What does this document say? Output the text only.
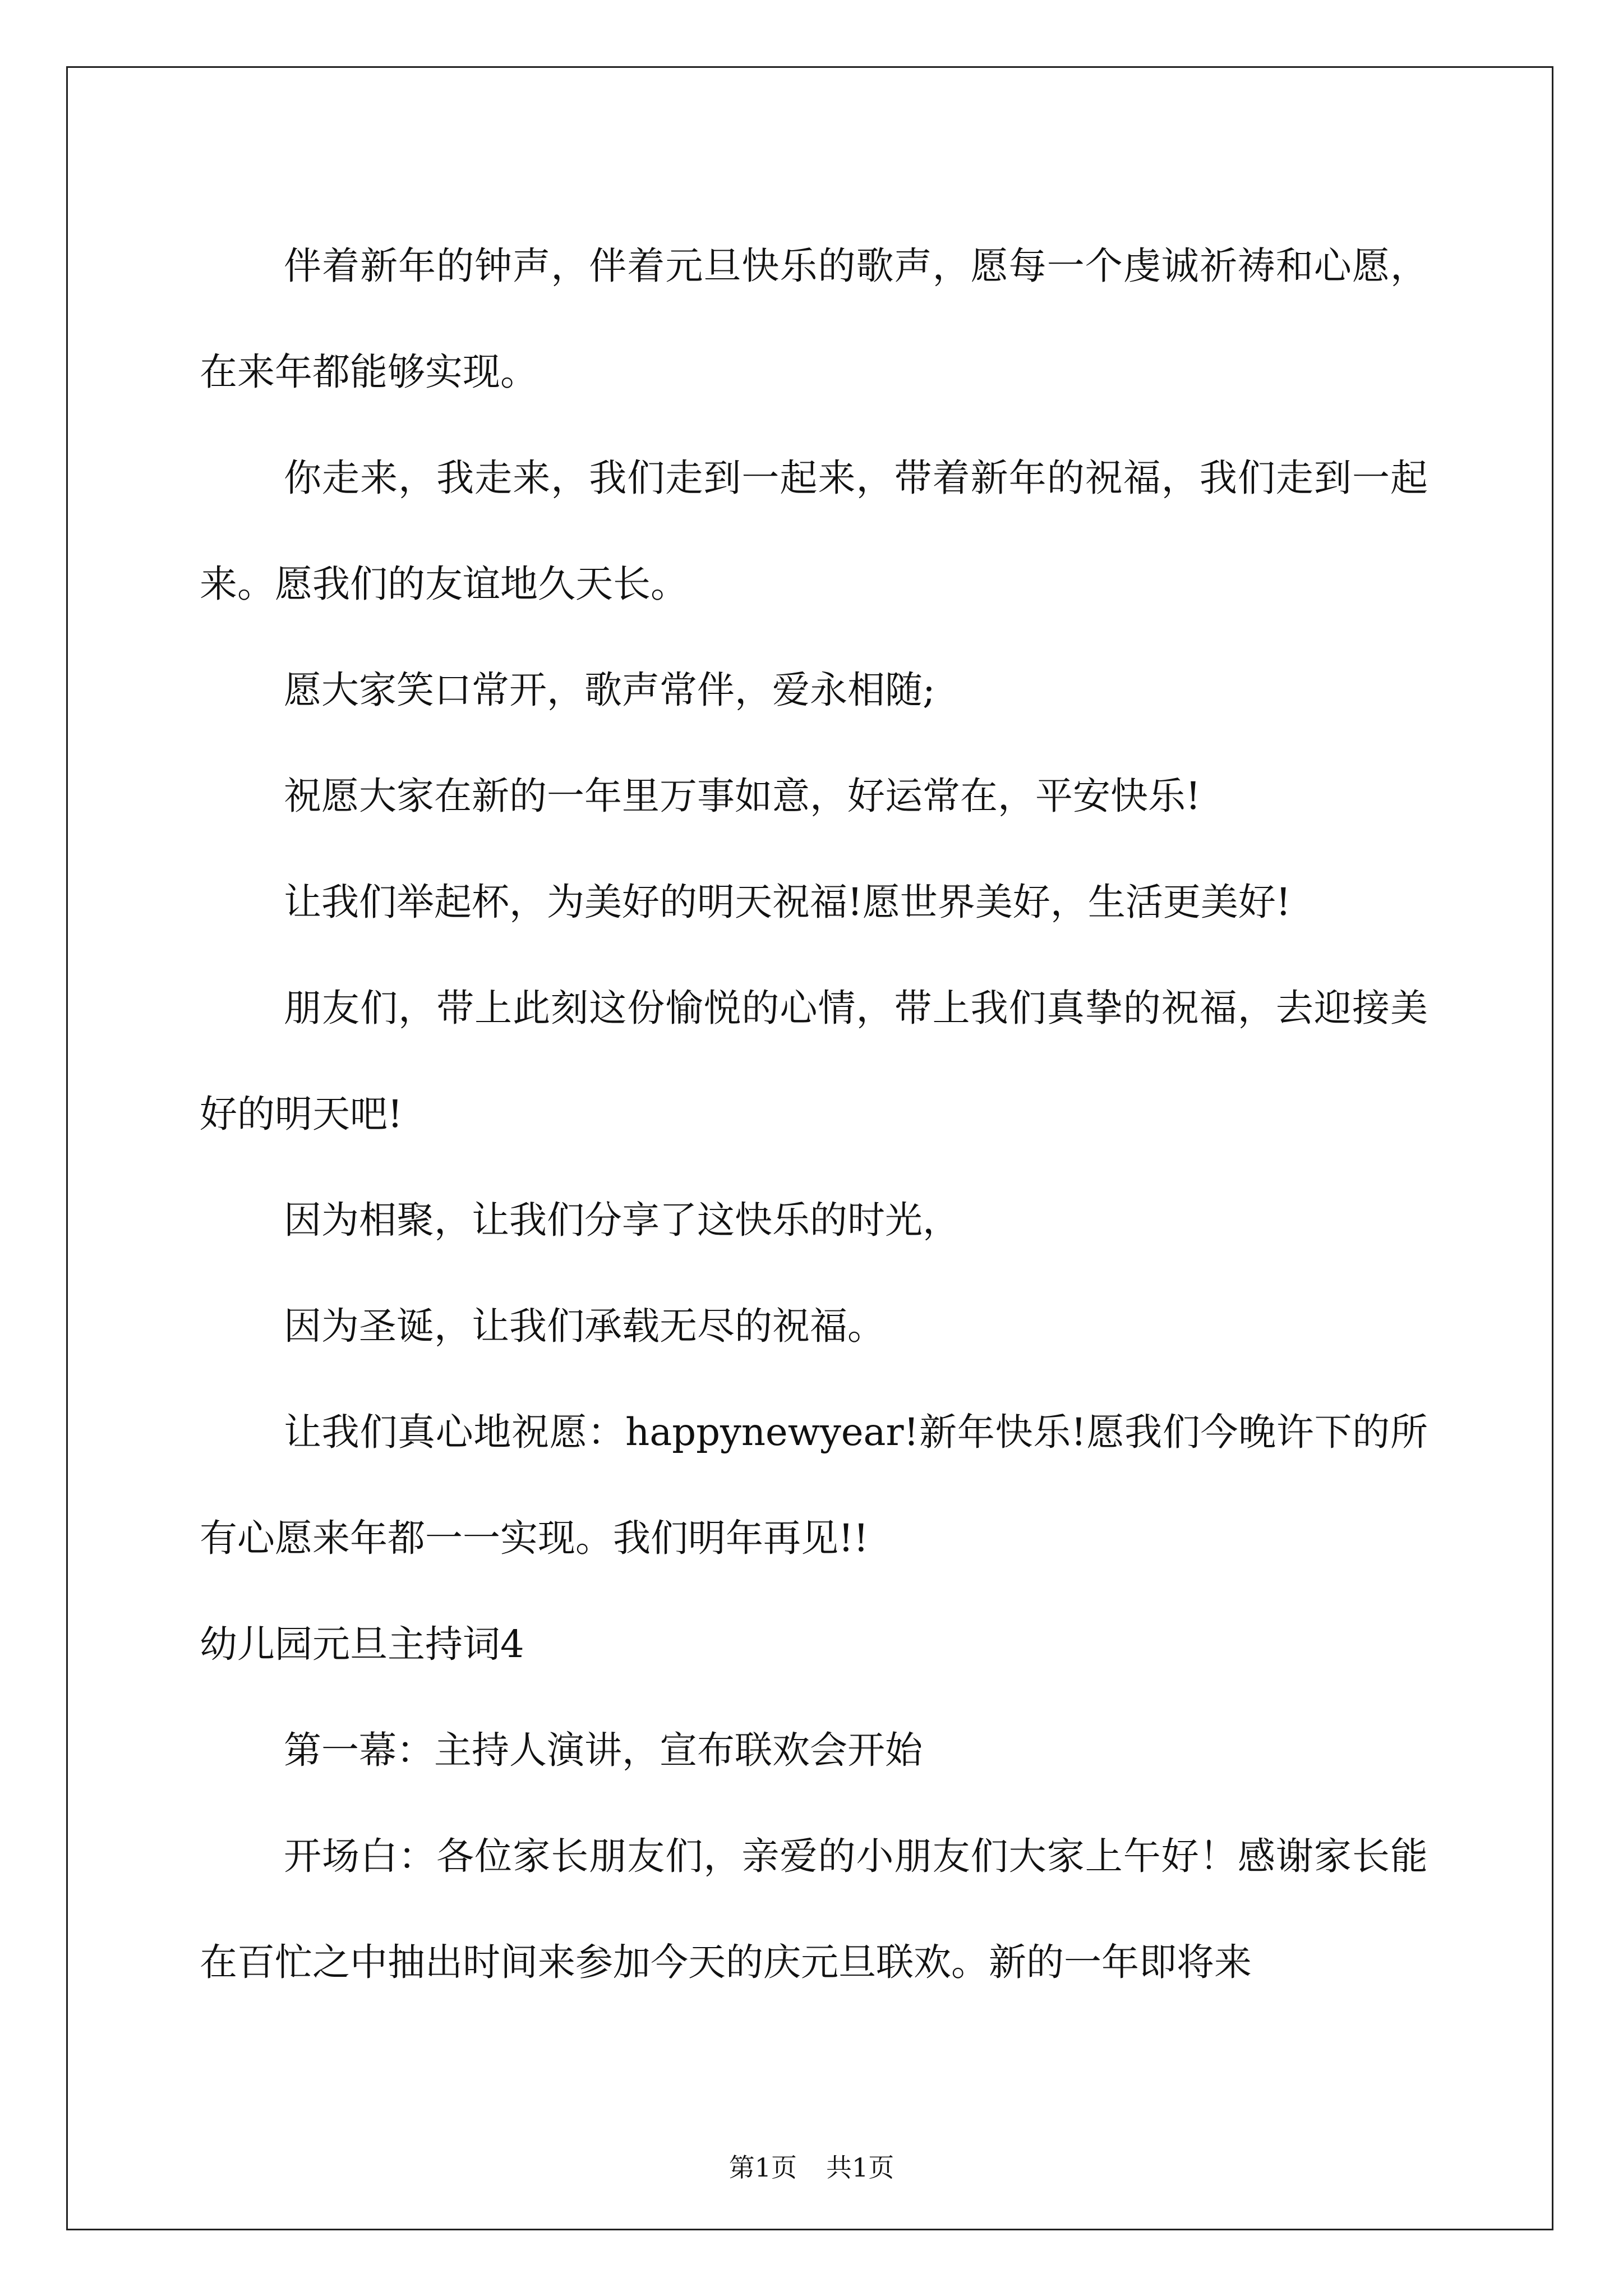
伴着新年的钟声，伴着元旦快乐的歌声，愿每一个虔诚祈祷和心愿，在来年都能够实现。

你走来，我走来，我们走到一起来，带着新年的祝福，我们走到一起来。愿我们的友谊地久天长。

愿大家笑口常开，歌声常伴，爱永相随;

祝愿大家在新的一年里万事如意，好运常在，平安快乐!

让我们举起杯，为美好的明天祝福!愿世界美好，生活更美好!

朋友们，带上此刻这份愉悦的心情，带上我们真挚的祝福，去迎接美好的明天吧!

因为相聚，让我们分享了这快乐的时光，

因为圣诞，让我们承载无尽的祝福。

让我们真心地祝愿：happynewyear!新年快乐!愿我们今晚许下的所有心愿来年都一一实现。我们明年再见!!

幼儿园元旦主持词4

第一幕：主持人演讲，宣布联欢会开始

开场白：各位家长朋友们，亲爱的小朋友们大家上午好！感谢家长能在百忙之中抽出时间来参加今天的庆元旦联欢。新的一年即将来

第1页 共1页
